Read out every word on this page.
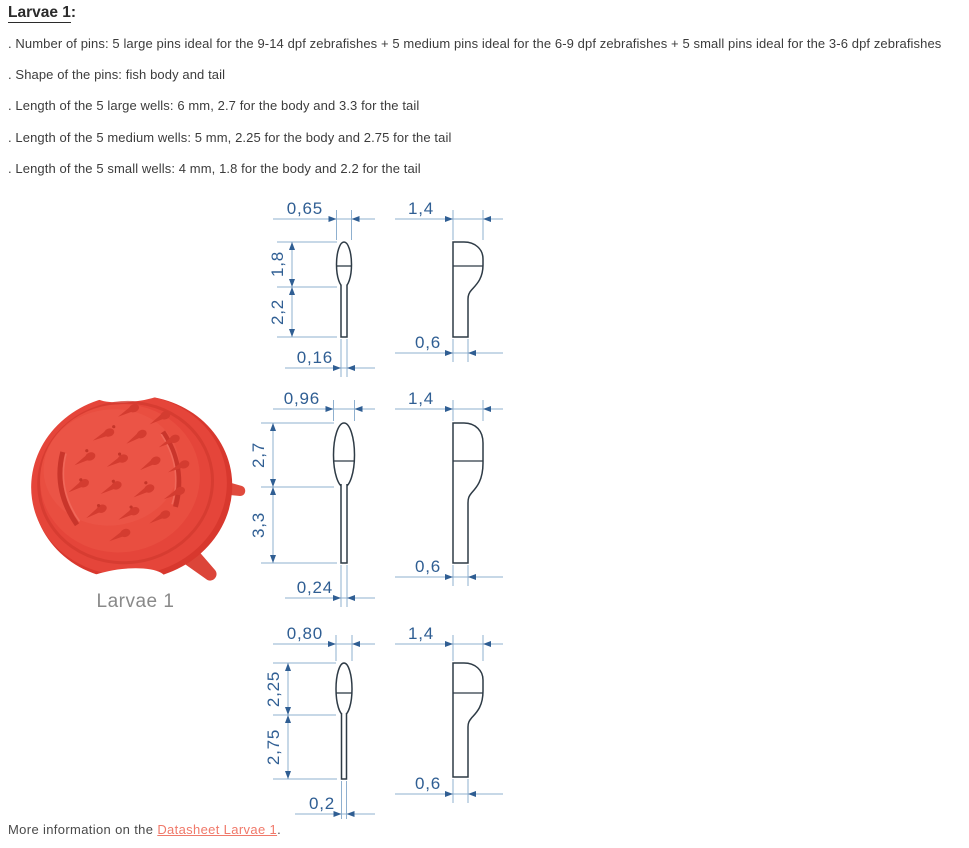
Larvae 1:

. Number of pins: 5 large pins ideal for the 9-14 dpf zebrafishes + 5 medium pins ideal for the 6-9 dpf zebrafishes + 5 small pins ideal for the 3-6 dpf zebrafishes

. Shape of the pins: fish body and tail

. Length of the 5 large wells: 6 mm, 2.7 for the body and 3.3 for the tail

. Length of the 5 medium wells: 5 mm, 2.25 for the body and 2.75 for the tail

. Length of the 5 small wells: 4 mm, 1.8 for the body and 2.2 for the tail

Larvae 1
0,65	1,4
1,8
2,2
0,16
0,6
0,96	1,4
2,7
3,3
0,24
0,6
0,80	1,4
2,25
2,75
0,2
0,6
More information on the Datasheet Larvae 1.
